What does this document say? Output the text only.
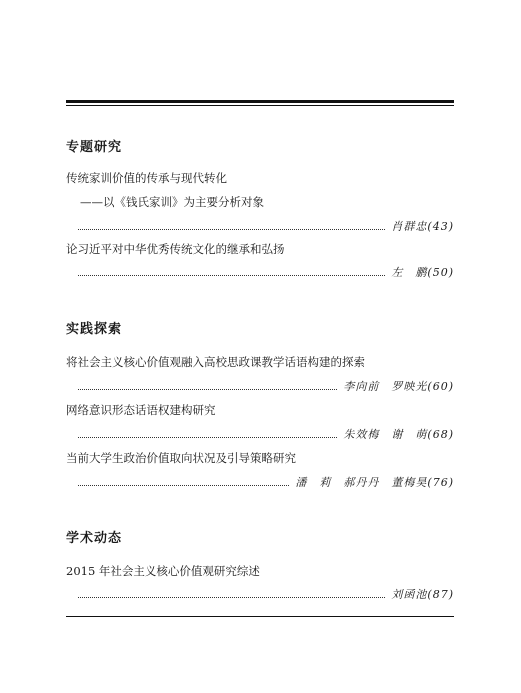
专题研究
传统家训价值的传承与现代转化
——以《钱氏家训》为主要分析对象
肖群忠(43)
论习近平对中华优秀传统文化的继承和弘扬
左　鹏(50)
实践探索
将社会主义核心价值观融入高校思政课教学话语构建的探索
李向前　罗映光(60)
网络意识形态话语权建构研究
朱效梅　谢　萌(68)
当前大学生政治价值取向状况及引导策略研究
潘　莉　郝丹丹　董梅昊(76)
学术动态
2015 年社会主义核心价值观研究综述
刘函池(87)
